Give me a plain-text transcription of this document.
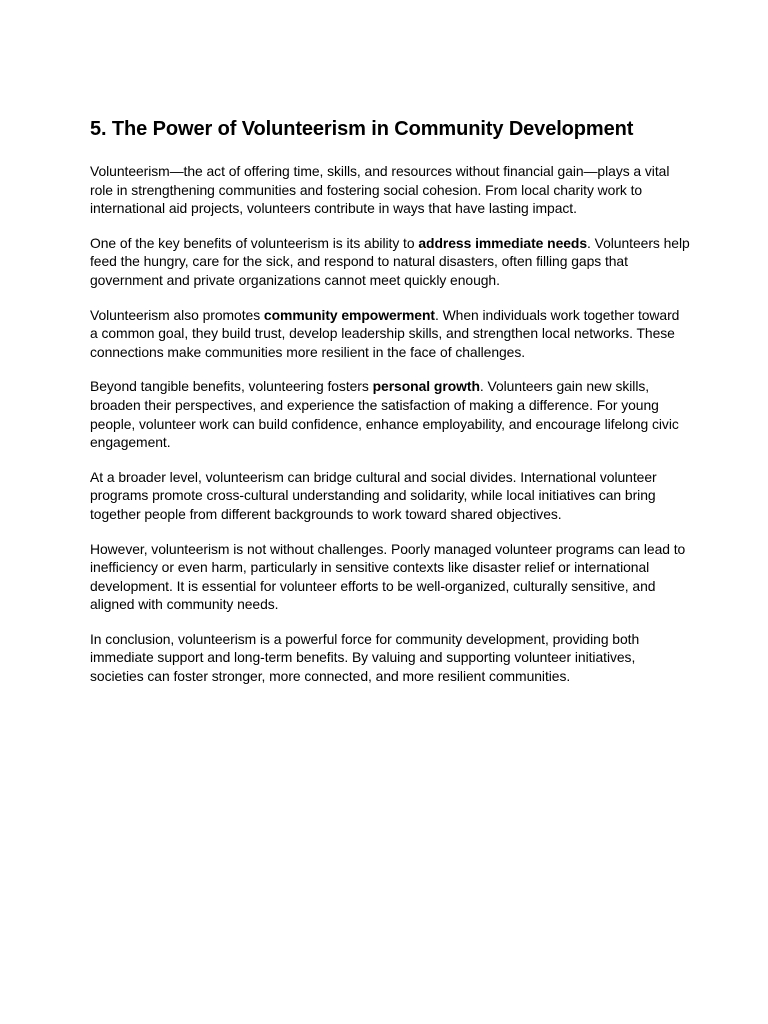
5. The Power of Volunteerism in Community Development

Volunteerism—the act of offering time, skills, and resources without financial gain—plays a vital role in strengthening communities and fostering social cohesion. From local charity work to international aid projects, volunteers contribute in ways that have lasting impact.

One of the key benefits of volunteerism is its ability to address immediate needs. Volunteers help feed the hungry, care for the sick, and respond to natural disasters, often filling gaps that government and private organizations cannot meet quickly enough.

Volunteerism also promotes community empowerment. When individuals work together toward a common goal, they build trust, develop leadership skills, and strengthen local networks. These connections make communities more resilient in the face of challenges.

Beyond tangible benefits, volunteering fosters personal growth. Volunteers gain new skills, broaden their perspectives, and experience the satisfaction of making a difference. For young people, volunteer work can build confidence, enhance employability, and encourage lifelong civic engagement.

At a broader level, volunteerism can bridge cultural and social divides. International volunteer programs promote cross-cultural understanding and solidarity, while local initiatives can bring together people from different backgrounds to work toward shared objectives.

However, volunteerism is not without challenges. Poorly managed volunteer programs can lead to inefficiency or even harm, particularly in sensitive contexts like disaster relief or international development. It is essential for volunteer efforts to be well-organized, culturally sensitive, and aligned with community needs.

In conclusion, volunteerism is a powerful force for community development, providing both immediate support and long-term benefits. By valuing and supporting volunteer initiatives, societies can foster stronger, more connected, and more resilient communities.
